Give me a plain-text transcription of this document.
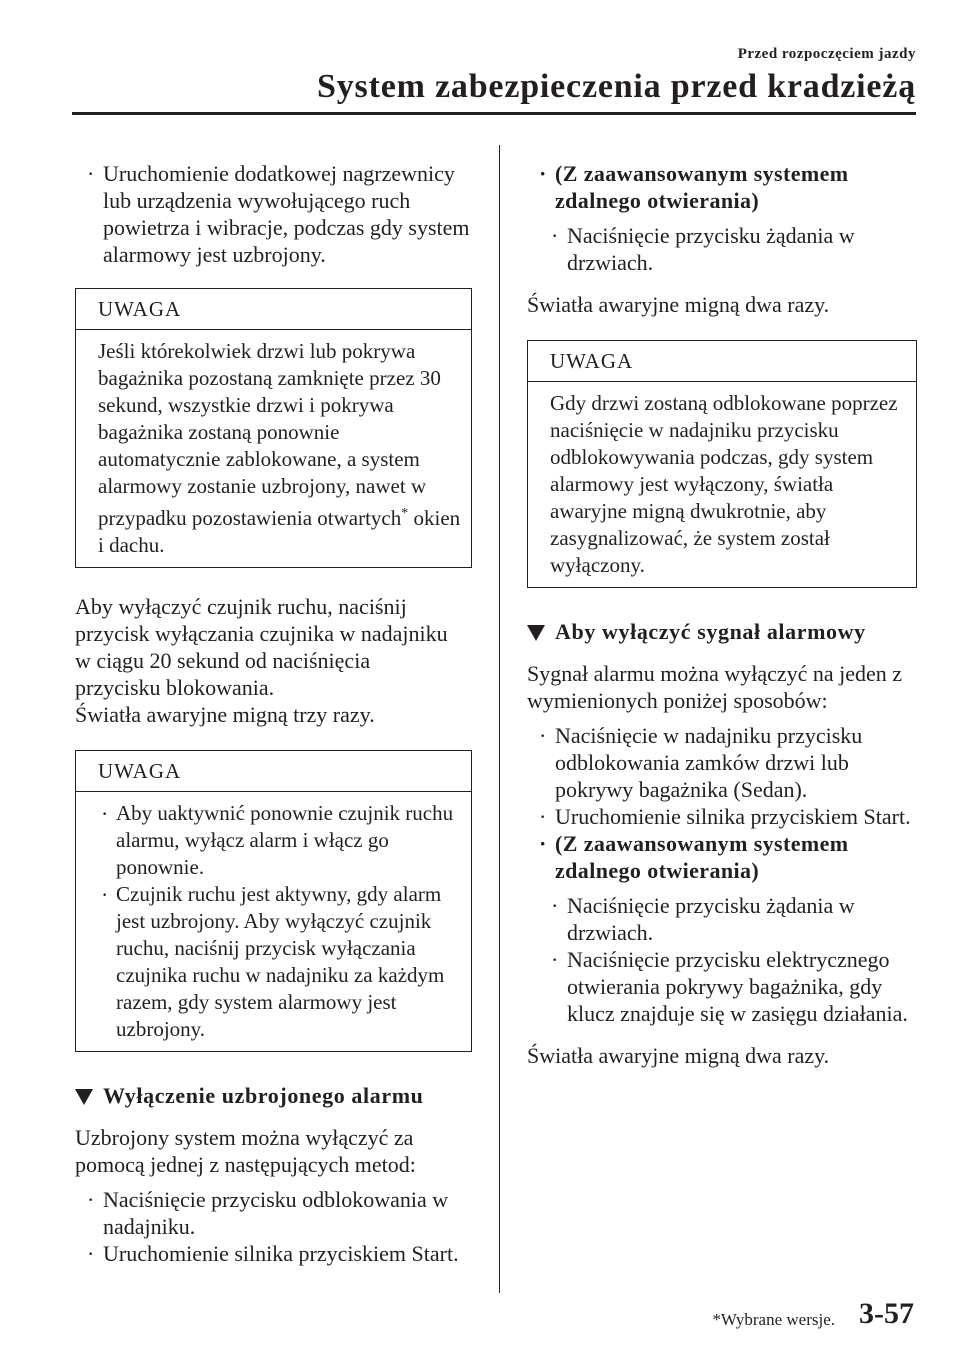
Przed rozpoczęciem jazdy
System zabezpieczenia przed kradzieżą
· Uruchomienie dodatkowej nagrzewnicy lub urządzenia wywołującego ruch powietrza i wibracje, podczas gdy system alarmowy jest uzbrojony.
UWAGA
Jeśli którekolwiek drzwi lub pokrywa bagażnika pozostaną zamknięte przez 30 sekund, wszystkie drzwi i pokrywa bagażnika zostaną ponownie automatycznie zablokowane, a system alarmowy zostanie uzbrojony, nawet w przypadku pozostawienia otwartych* okien i dachu.
Aby wyłączyć czujnik ruchu, naciśnij
przycisk wyłączania czujnika w nadajniku
w ciągu 20 sekund od naciśnięcia
przycisku blokowania.
Światła awaryjne migną trzy razy.
UWAGA
· Aby uaktywnić ponownie czujnik ruchu alarmu, wyłącz alarm i włącz go ponownie.
· Czujnik ruchu jest aktywny, gdy alarm jest uzbrojony. Aby wyłączyć czujnik ruchu, naciśnij przycisk wyłączania czujnika ruchu w nadajniku za każdym razem, gdy system alarmowy jest uzbrojony.
Wyłączenie uzbrojonego alarmu
Uzbrojony system można wyłączyć za pomocą jednej z następujących metod:
· Naciśnięcie przycisku odblokowania w nadajniku.
· Uruchomienie silnika przyciskiem Start.
· (Z zaawansowanym systemem zdalnego otwierania)
· Naciśnięcie przycisku żądania w drzwiach.
Światła awaryjne migną dwa razy.
UWAGA
Gdy drzwi zostaną odblokowane poprzez naciśnięcie w nadajniku przycisku odblokowywania podczas, gdy system alarmowy jest wyłączony, światła awaryjne migną dwukrotnie, aby zasygnalizować, że system został wyłączony.
Aby wyłączyć sygnał alarmowy
Sygnał alarmu można wyłączyć na jeden z wymienionych poniżej sposobów:
· Naciśnięcie w nadajniku przycisku odblokowania zamków drzwi lub pokrywy bagażnika (Sedan).
· Uruchomienie silnika przyciskiem Start.
· (Z zaawansowanym systemem zdalnego otwierania)
· Naciśnięcie przycisku żądania w drzwiach.
· Naciśnięcie przycisku elektrycznego otwierania pokrywy bagażnika, gdy klucz znajduje się w zasięgu działania.
Światła awaryjne migną dwa razy.
*Wybrane wersje. 3-57
